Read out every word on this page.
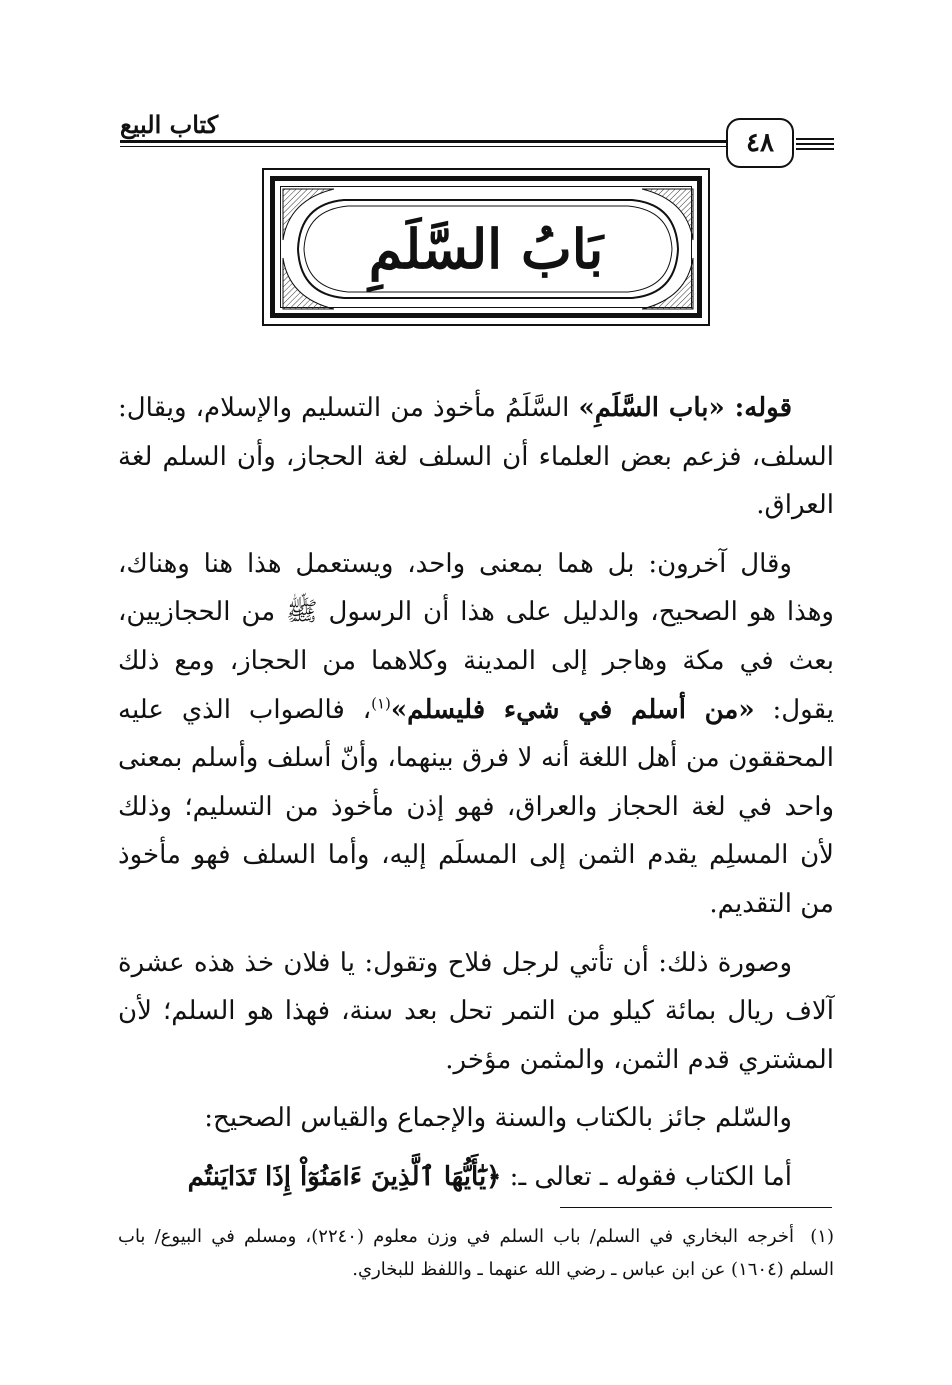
كتاب البيع
٤٨
بَابُ السَّلَمِ

قوله: «باب السَّلَمِ» السَّلَمُ مأخوذ من التسليم والإسلام، ويقال: السلف، فزعم بعض العلماء أن السلف لغة الحجاز، وأن السلم لغة العراق.

وقال آخرون: بل هما بمعنى واحد، ويستعمل هذا هنا وهناك، وهذا هو الصحيح، والدليل على هذا أن الرسول ﷺ من الحجازيين، بعث في مكة وهاجر إلى المدينة وكلاهما من الحجاز، ومع ذلك يقول: «من أسلم في شيء فليسلم»$^{(١)}$، فالصواب الذي عليه المحققون من أهل اللغة أنه لا فرق بينهما، وأنّ أسلف وأسلم بمعنى واحد في لغة الحجاز والعراق، فهو إذن مأخوذ من التسليم؛ وذلك لأن المسلِم يقدم الثمن إلى المسلَم إليه، وأما السلف فهو مأخوذ من التقديم.

وصورة ذلك: أن تأتي لرجل فلاح وتقول: يا فلان خذ هذه عشرة آلاف ريال بمائة كيلو من التمر تحل بعد سنة، فهذا هو السلم؛ لأن المشتري قدم الثمن، والمثمن مؤخر.

والسّلم جائز بالكتاب والسنة والإجماع والقياس الصحيح:

أما الكتاب فقوله ـ تعالى ـ: ﴿يَٰٓأَيُّهَا ٱلَّذِينَ ءَامَنُوٓاْ إِذَا تَدَايَنتُم

(١)أخرجه البخاري في السلم/ باب السلم في وزن معلوم (٢٢٤٠)، ومسلم في البيوع/ باب السلم (١٦٠٤) عن ابن عباس ـ رضي الله عنهما ـ واللفظ للبخاري.
